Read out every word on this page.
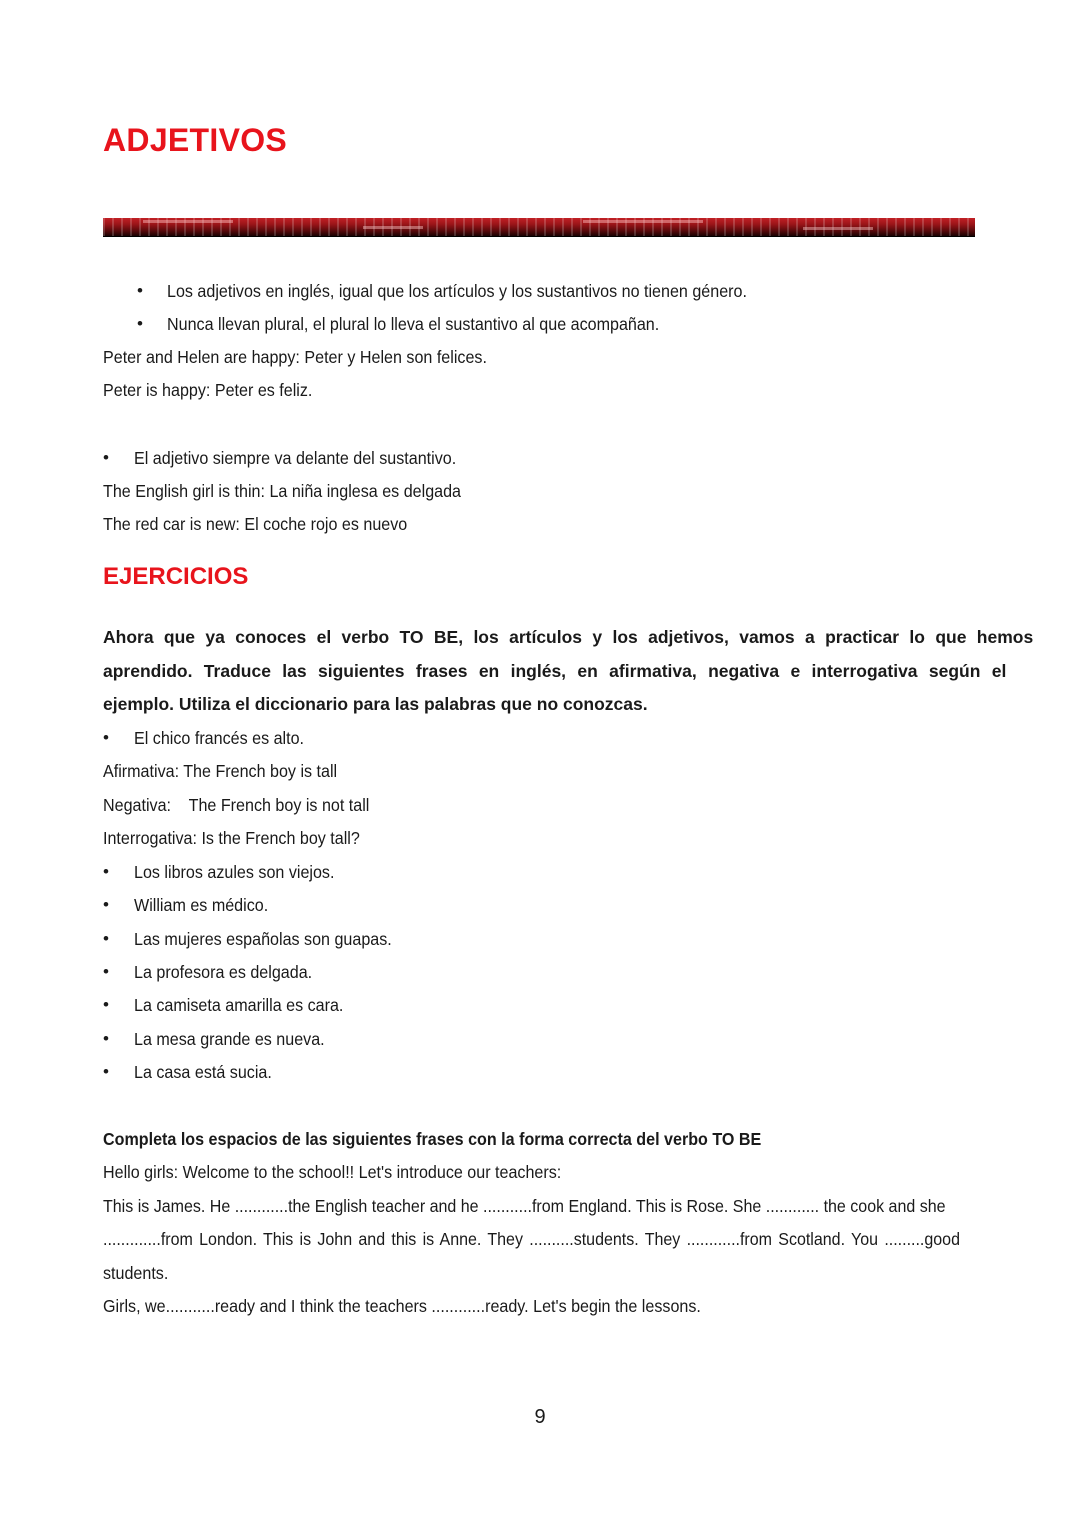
ADJETIVOS
• Los adjetivos en inglés, igual que los artículos y los sustantivos no tienen género.
• Nunca llevan plural, el plural lo lleva el sustantivo al que acompañan.
Peter and Helen are happy: Peter y Helen son felices.
Peter is happy: Peter es feliz.
• El adjetivo siempre va delante del sustantivo.
The English girl is thin: La niña inglesa es delgada
The red car is new: El coche rojo es nuevo
EJERCICIOS
Ahora que ya conoces el verbo TO BE, los artículos y los adjetivos, vamos a practicar lo que hemos
aprendido. Traduce las siguientes frases en inglés, en afirmativa, negativa e interrogativa según el
ejemplo. Utiliza el diccionario para las palabras que no conozcas.
• El chico francés es alto.
Afirmativa: The French boy is tall
Negativa:    The French boy is not tall
Interrogativa: Is the French boy tall?
• Los libros azules son viejos.
• William es médico.
• Las mujeres españolas son guapas.
• La profesora es delgada.
• La camiseta amarilla es cara.
• La mesa grande es nueva.
• La casa está sucia.
Completa los espacios de las siguientes frases con la forma correcta del verbo TO BE
Hello girls: Welcome to the school!! Let's introduce our teachers:
This is James. He ............the English teacher and he ...........from England. This is Rose. She ............ the cook and she
.............from London. This is John and this is Anne. They ..........students. They ............from Scotland. You .........good
students.
Girls, we...........ready and I think the teachers ............ready. Let's begin the lessons.
9
